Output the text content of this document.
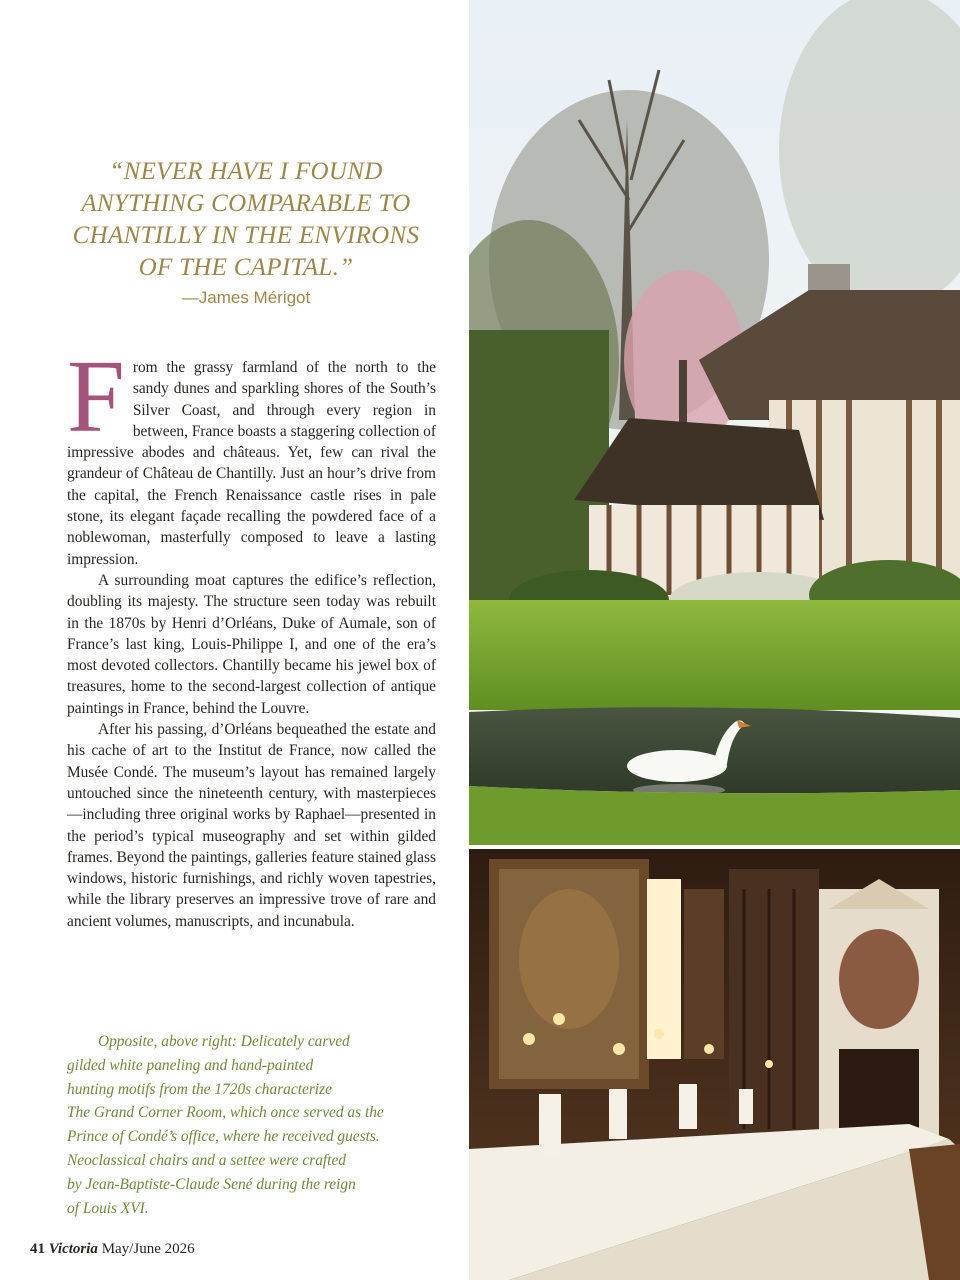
“NEVER HAVE I FOUND
ANYTHING COMPARABLE TO
CHANTILLY IN THE ENVIRONS
OF THE CAPITAL.”
—James Mérigot

From the grassy farmland of the north to the sandy dunes and sparkling shores of the South’s Silver Coast, and through every region in between, France boasts a staggering collection of impressive abodes and châteaus. Yet, few can rival the grandeur of Château de Chantilly. Just an hour’s drive from the capital, the French Renaissance castle rises in pale stone, its elegant façade recalling the powdered face of a noblewoman, masterfully composed to leave a lasting impression.

A surrounding moat captures the edifice’s reflection, doubling its majesty. The structure seen today was rebuilt in the 1870s by Henri d’Orléans, Duke of Aumale, son of France’s last king, Louis-Philippe I, and one of the era’s most devoted collectors. Chantilly became his jewel box of treasures, home to the second-largest collection of antique paintings in France, behind the Louvre.

After his passing, d’Orléans bequeathed the estate and his cache of art to the Institut de France, now called the Musée Condé. The museum’s layout has remained largely untouched since the nineteenth century, with masterpieces—including three original works by Raphael—presented in the period’s typical museography and set within gilded frames. Beyond the paintings, galleries feature stained glass windows, historic furnishings, and richly woven tapestries, while the library preserves an impressive trove of rare and ancient volumes, manuscripts, and incunabula.

Opposite, above right: Delicately carved
gilded white paneling and hand-painted
hunting motifs from the 1720s characterize
The Grand Corner Room, which once served as the
Prince of Condé’s office, where he received guests.
Neoclassical chairs and a settee were crafted
by Jean-Baptiste-Claude Sené during the reign
of Louis XVI.
41 Victoria May/June 2026
